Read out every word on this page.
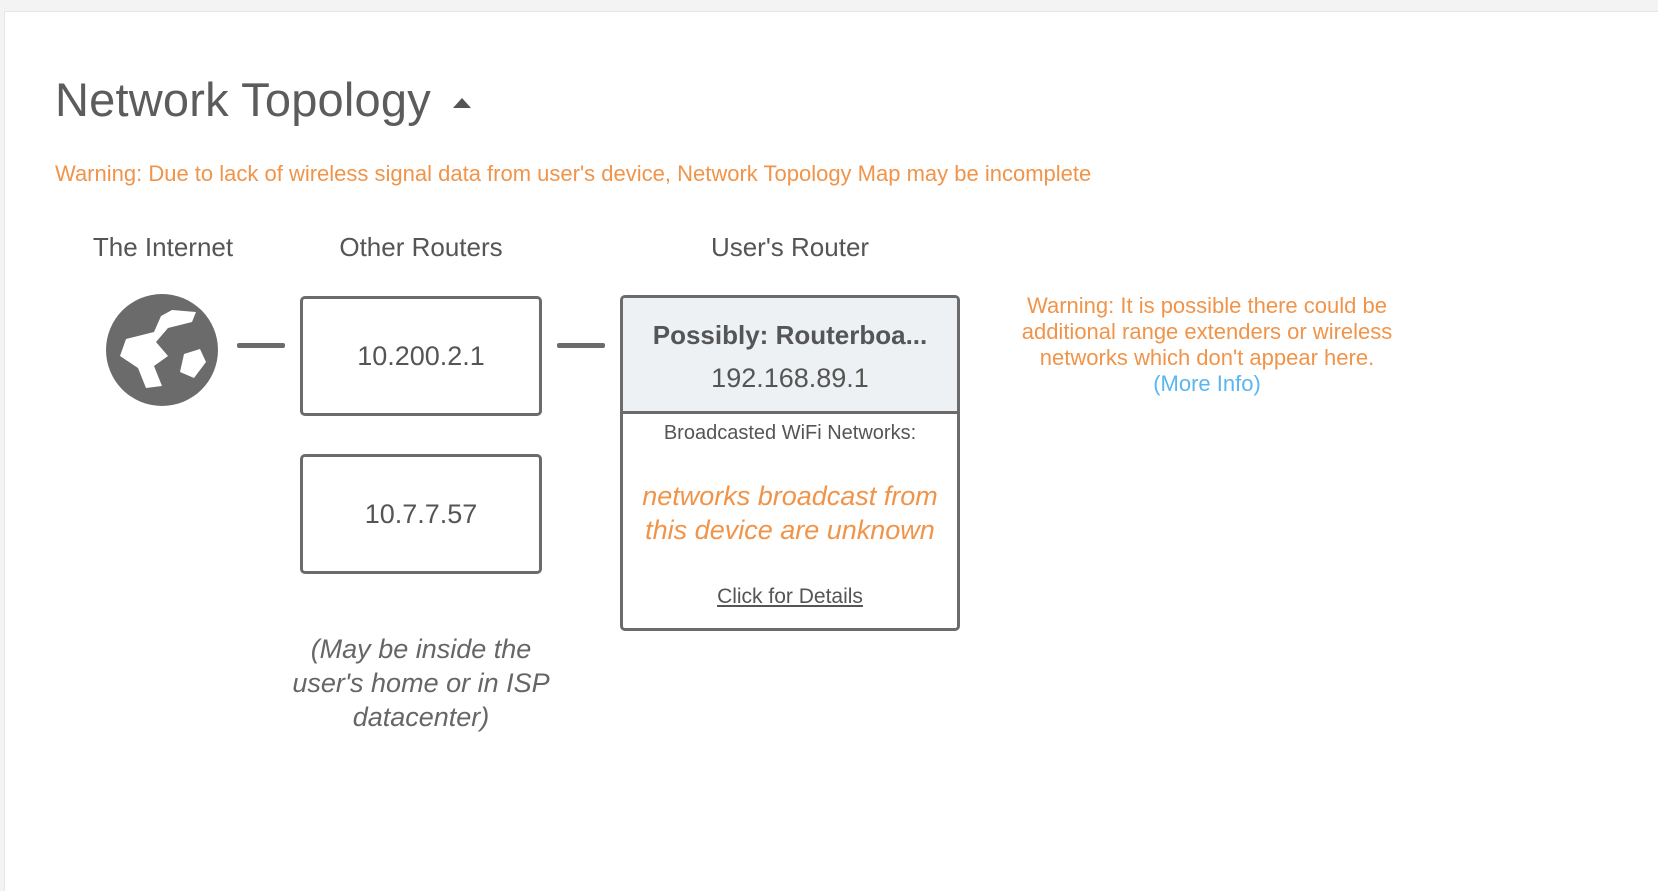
Network Topology
Warning: Due to lack of wireless signal data from user's device, Network Topology Map may be incomplete
The Internet	Other Routers	User's Router
10.200.2.1
10.7.7.57
(May be inside the user's home or in ISP datacenter)
Possibly: Routerboa...
192.168.89.1
Broadcasted WiFi Networks:
networks broadcast from this device are unknown
Click for Details
Warning: It is possible there could be additional range extenders or wireless networks which don't appear here.
(More Info)
